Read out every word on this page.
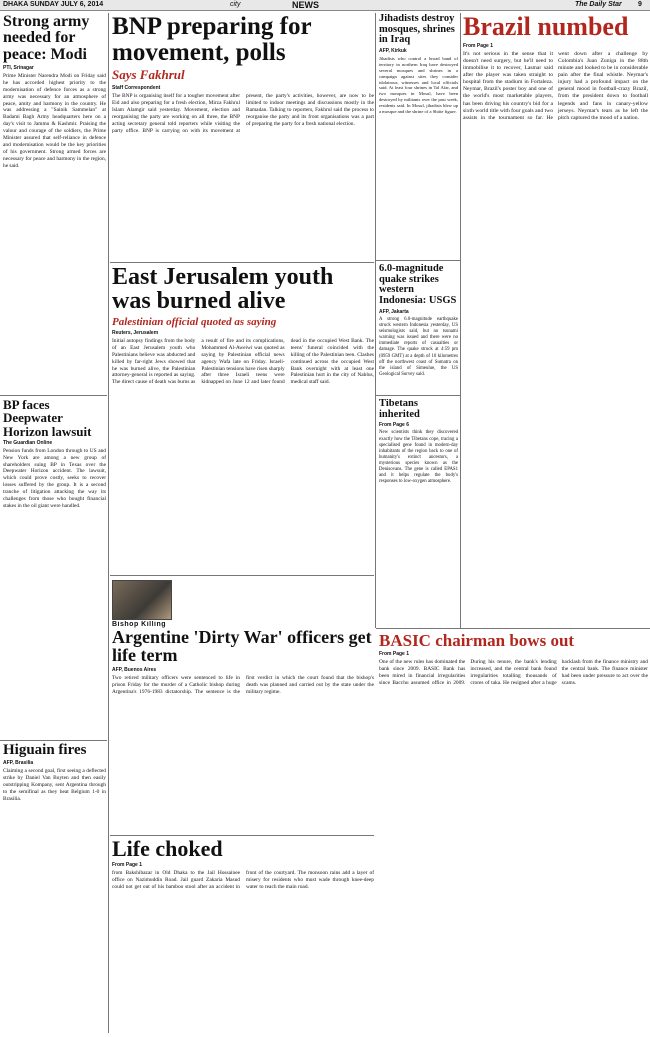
DHAKA SUNDAY JULY 6, 2014	city	NEWS	The Daily Star 9
Strong army needed for peace: Modi
PTI, Srinagar
Prime Minister Narendra Modi on Friday said he has accorded highest priority to the modernisation of defence forces as a strong army was necessary for an atmosphere of peace, amity and harmony in the country. He was addressing a "Sainik Sammelan" at Badami Bagh Army headquarters here on a day's visit to Jammu & Kashmir. Praising the valour and courage of the soldiers, the Prime Minister assured that self-reliance in defence and modernisation would be the key priorities of his government. Strong armed forces are necessary for peace and harmony in the region, he said.
BP faces Deepwater Horizon lawsuit
The Guardian Online
Pension funds from London through to US and New York are among a new group of shareholders suing BP in Texas over the Deepwater Horizon accident. The lawsuit, which could prove costly, seeks to recover losses suffered by the group. It is a second tranche of litigation attacking the way its challenges from those who bought financial stakes in the oil giant were handled.
Higuain fires
AFP, Brasilia
Claiming a second goal, first seeing a deflected strike by Daniel Van Buyten and then easily outstripping Kompany, sent Argentina through to the semifinal as they beat Belgium 1-0 in Brasilia.
BNP preparing for movement, polls
Says Fakhrul
Staff Correspondent
The BNP is organising itself for a tougher movement after Eid and also preparing for a fresh election, Mirza Fakhrul Islam Alamgir said yesterday. Movement, election and reorganising the party are working on all three, the BNP acting secretary general told reporters while visiting the party office. BNP is carrying on with its movement at present, the party's activities, however, are now to be limited to indoor meetings and discussions mostly in the Ramadan. Talking to reporters, Fakhrul said the process to reorganise the party and its front organisations was a part of preparing the party for a fresh national election.
East Jerusalem youth was burned alive
Palestinian official quoted as saying
Reuters, Jerusalem
Initial autopsy findings from the body of an East Jerusalem youth who Palestinians believe was abducted and killed by far-right Jews showed that he was burned alive, the Palestinian attorney-general is reported as saying. The direct cause of death was burns as a result of fire and its complications, Mohammed Al-Aweiwi was quoted as saying by Palestinian official news agency Wafa late on Friday. Israeli-Palestinian tensions have risen sharply after three Israeli teens were kidnapped on June 12 and later found dead in the occupied West Bank. The teens' funeral coincided with the killing of the Palestinian teen. Clashes continued across the occupied West Bank overnight with at least one Palestinian hurt in the city of Nablus, medical staff said.
Bishop Killing
Argentine 'Dirty War' officers get life term
AFP, Buenos Aires
Two retired military officers were sentenced to life in prison Friday for the murder of a Catholic bishop during Argentina's 1976-1983 dictatorship. The sentence is the first verdict in which the court found that the bishop's death was planned and carried out by the state under the military regime.
Life choked
From Page 1
from Bakshibazar in Old Dhaka to the Jail Hossainee office on Nazimuddin Road. Jail guard Zakaria Masud could not get out of his bamboo stool after an accident in front of the courtyard. The monsoon rains add a layer of misery for residents who must wade through knee-deep water to reach the main road.
Jihadists destroy mosques, shrines in Iraq
AFP, Kirkuk
Jihadists who control a broad band of territory in northern Iraq have destroyed several mosques and shrines in a campaign against sites they consider idolatrous, witnesses and local officials said. At least four shrines in Tal Afar, and two mosques in Mosul, have been destroyed by militants over the past week, residents said. In Mosul, jihadists blew up a mosque and the shrine of a Shiite figure.
6.0-magnitude quake strikes western Indonesia: USGS
AFP, Jakarta
A strong 6.0-magnitude earthquake struck western Indonesia yesterday, US seismologists said, but no tsunami warning was issued and there were no immediate reports of casualties or damage. The quake struck at 4:59 pm (0959 GMT) at a depth of 10 kilometres off the northwest coast of Sumatra on the island of Simeulue, the US Geological Survey said.
Tibetans inherited
From Page 6
New scientists think they discovered exactly how the Tibetans cope, tracing a specialised gene found in modern-day inhabitants of the region back to one of humanity's extinct ancestors, a mysterious species known as the Denisovans. The gene is called EPAS1 and it helps regulate the body's responses to low-oxygen atmosphere.
Brazil numbed
From Page 1
It's not serious in the sense that it doesn't need surgery, but he'll need to immobilise it to recover, Lasmar said after the player was taken straight to hospital from the stadium in Fortaleza. Neymar, Brazil's poster boy and one of the world's most marketable players, has been driving his country's bid for a sixth world title with four goals and two assists in the tournament so far. He went down after a challenge by Colombia's Juan Zuniga in the 88th minute and looked to be in considerable pain after the final whistle. Neymar's injury had a profound impact on the general mood in football-crazy Brazil, from the president down to football legends and fans in canary-yellow jerseys. Neymar's tears as he left the pitch captured the mood of a nation.
BASIC chairman bows out
From Page 1
One of the new rules has dominated the bank since 2009. BASIC Bank has been mired in financial irregularities since Bacchu assumed office in 2009. During his tenure, the bank's lending increased, and the central bank found irregularities totalling thousands of crores of taka. He resigned after a huge backlash from the finance ministry and the central bank. The finance minister had been under pressure to act over the scams.
